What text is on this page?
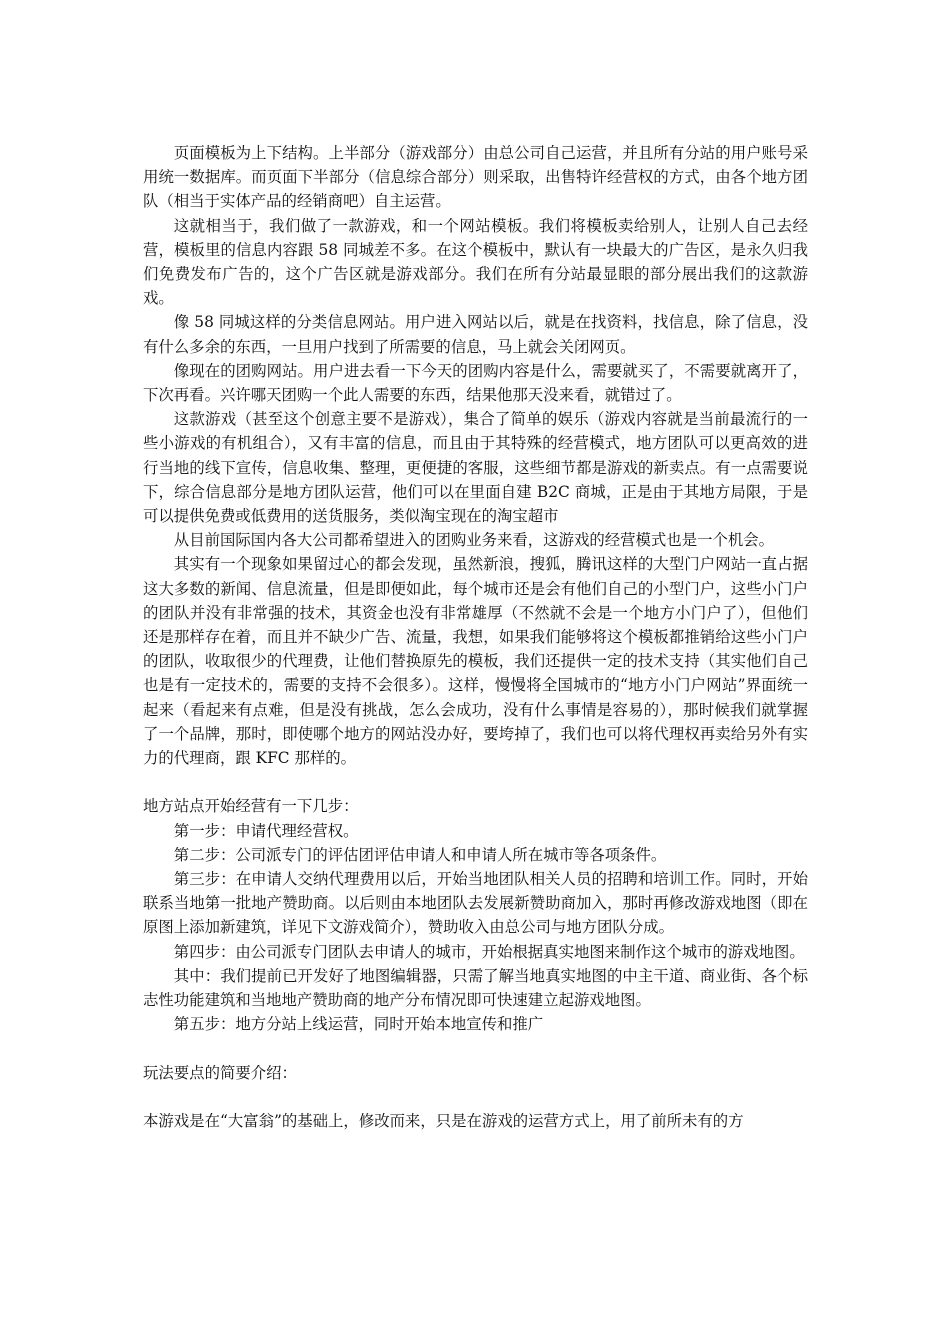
页面模板为上下结构。上半部分（游戏部分）由总公司自己运营，并且所有分站的用户账号采用统一数据库。而页面下半部分（信息综合部分）则采取，出售特许经营权的方式，由各个地方团队（相当于实体产品的经销商吧）自主运营。

这就相当于，我们做了一款游戏，和一个网站模板。我们将模板卖给别人，让别人自己去经营，模板里的信息内容跟 58 同城差不多。在这个模板中，默认有一块最大的广告区，是永久归我们免费发布广告的，这个广告区就是游戏部分。我们在所有分站最显眼的部分展出我们的这款游戏。

像 58 同城这样的分类信息网站。用户进入网站以后，就是在找资料，找信息，除了信息，没有什么多余的东西，一旦用户找到了所需要的信息，马上就会关闭网页。

像现在的团购网站。用户进去看一下今天的团购内容是什么，需要就买了，不需要就离开了，下次再看。兴许哪天团购一个此人需要的东西，结果他那天没来看，就错过了。

这款游戏（甚至这个创意主要不是游戏），集合了简单的娱乐（游戏内容就是当前最流行的一些小游戏的有机组合），又有丰富的信息，而且由于其特殊的经营模式，地方团队可以更高效的进行当地的线下宣传，信息收集、整理，更便捷的客服，这些细节都是游戏的新卖点。有一点需要说下，综合信息部分是地方团队运营，他们可以在里面自建 B2C 商城，正是由于其地方局限，于是可以提供免费或低费用的送货服务，类似淘宝现在的淘宝超市

从目前国际国内各大公司都希望进入的团购业务来看，这游戏的经营模式也是一个机会。

其实有一个现象如果留过心的都会发现，虽然新浪，搜狐，腾讯这样的大型门户网站一直占据这大多数的新闻、信息流量，但是即便如此，每个城市还是会有他们自己的小型门户，这些小门户的团队并没有非常强的技术，其资金也没有非常雄厚（不然就不会是一个地方小门户了），但他们还是那样存在着，而且并不缺少广告、流量，我想，如果我们能够将这个模板都推销给这些小门户的团队，收取很少的代理费，让他们替换原先的模板，我们还提供一定的技术支持（其实他们自己也是有一定技术的，需要的支持不会很多）。这样，慢慢将全国城市的“地方小门户网站”界面统一起来（看起来有点难，但是没有挑战，怎么会成功，没有什么事情是容易的），那时候我们就掌握了一个品牌，那时，即使哪个地方的网站没办好，要垮掉了，我们也可以将代理权再卖给另外有实力的代理商，跟 KFC 那样的。

地方站点开始经营有一下几步：

第一步：申请代理经营权。

第二步：公司派专门的评估团评估申请人和申请人所在城市等各项条件。

第三步：在申请人交纳代理费用以后，开始当地团队相关人员的招聘和培训工作。同时，开始联系当地第一批地产赞助商。以后则由本地团队去发展新赞助商加入，那时再修改游戏地图（即在原图上添加新建筑，详见下文游戏简介），赞助收入由总公司与地方团队分成。

第四步：由公司派专门团队去申请人的城市，开始根据真实地图来制作这个城市的游戏地图。

其中：我们提前已开发好了地图编辑器，只需了解当地真实地图的中主干道、商业街、各个标志性功能建筑和当地地产赞助商的地产分布情况即可快速建立起游戏地图。

第五步：地方分站上线运营，同时开始本地宣传和推广

玩法要点的简要介绍：

本游戏是在“大富翁”的基础上，修改而来，只是在游戏的运营方式上，用了前所未有的方
